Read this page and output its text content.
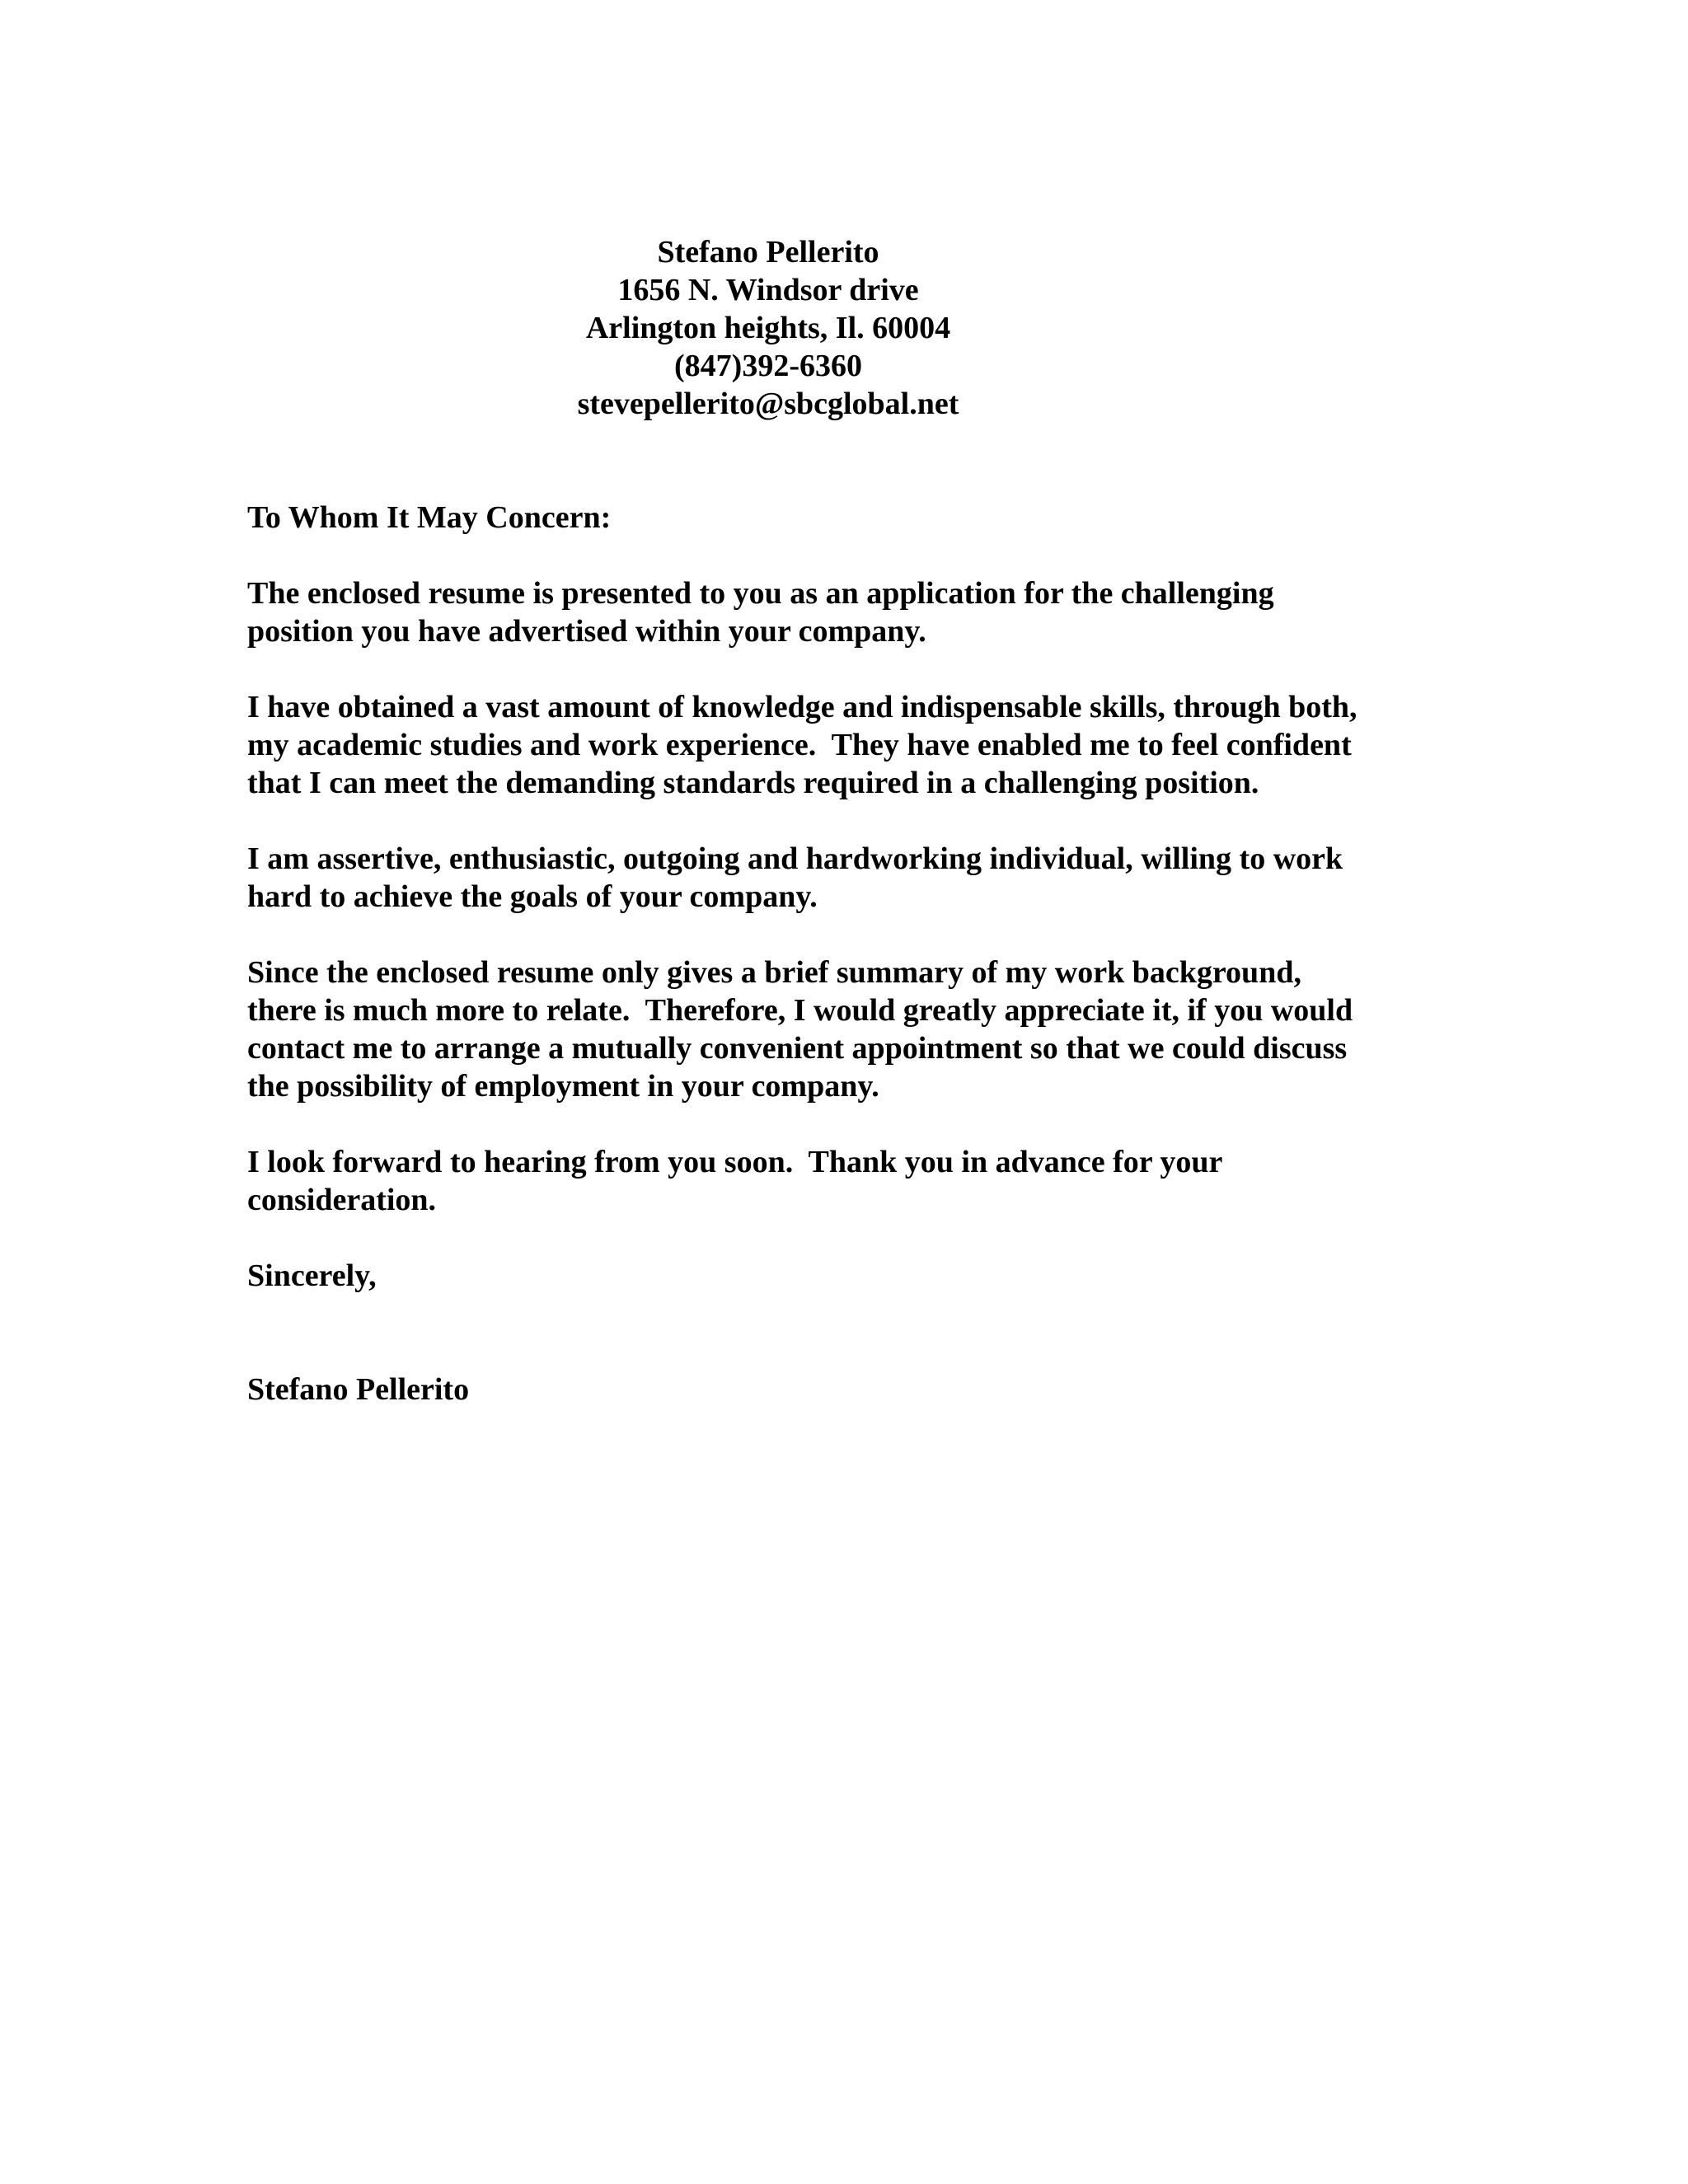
Stefano Pellerito
1656 N. Windsor drive
Arlington heights, Il. 60004
(847)392-6360
stevepellerito@sbcglobal.net
To Whom It May Concern:
The enclosed resume is presented to you as an application for the challenging
position you have advertised within your company.
I have obtained a vast amount of knowledge and indispensable skills, through both,
my academic studies and work experience.  They have enabled me to feel confident
that I can meet the demanding standards required in a challenging position.
I am assertive, enthusiastic, outgoing and hardworking individual, willing to work
hard to achieve the goals of your company.
Since the enclosed resume only gives a brief summary of my work background,
there is much more to relate.  Therefore, I would greatly appreciate it, if you would
contact me to arrange a mutually convenient appointment so that we could discuss
the possibility of employment in your company.
I look forward to hearing from you soon.  Thank you in advance for your
consideration.
Sincerely,
Stefano Pellerito
